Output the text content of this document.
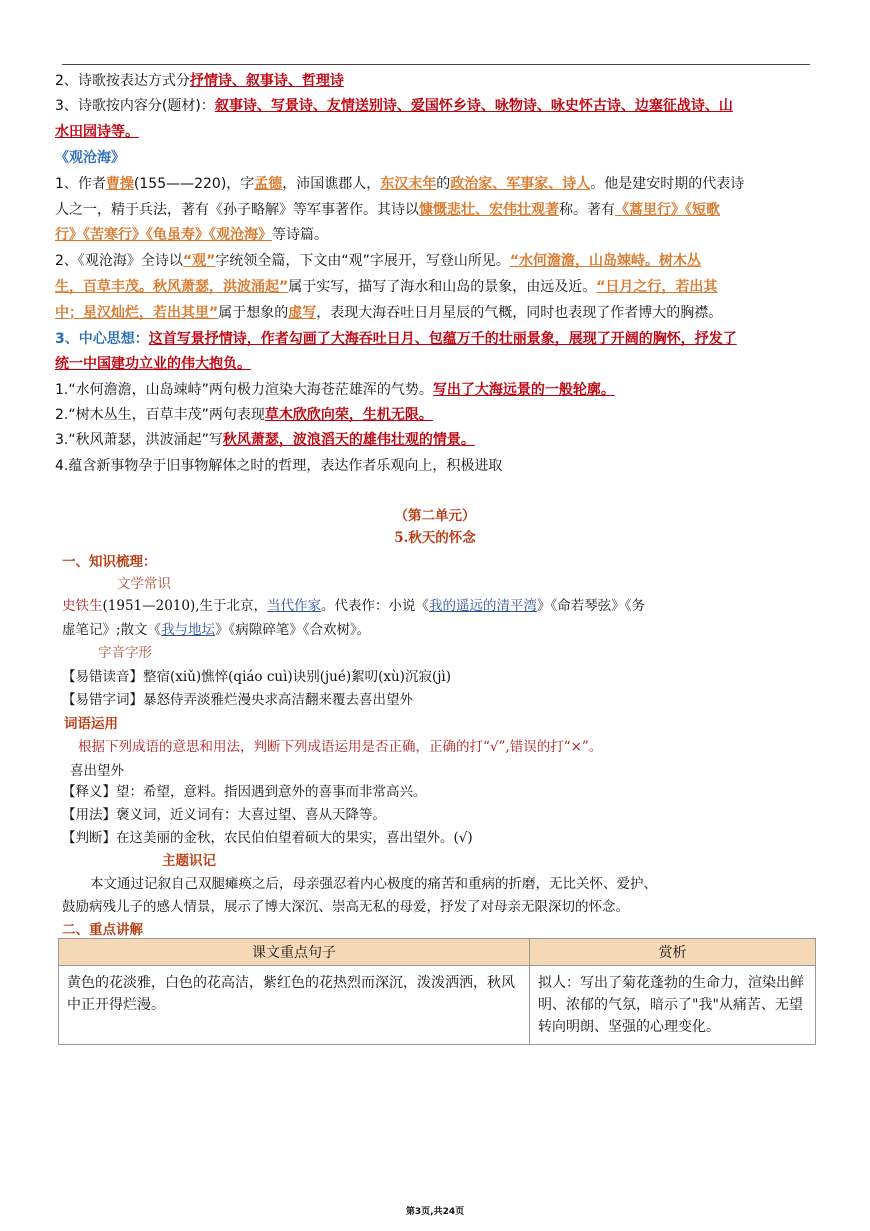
2、诗歌按表达方式分抒情诗、叙事诗、哲理诗
3、诗歌按内容分(题材)：叙事诗、写景诗、友情送别诗、爱国怀乡诗、咏物诗、咏史怀古诗、边塞征战诗、山
水田园诗等。
《观沧海》
1、作者曹操(155——220)，字孟德，沛国谯郡人，东汉末年的政治家、军事家、诗人。他是建安时期的代表诗
人之一，精于兵法，著有《孙子略解》等军事著作。其诗以慷慨悲壮、宏伟壮观著称。著有《蒿里行》《短歌
行》《苦寒行》《龟虽寿》《观沧海》等诗篇。
2、《观沧海》全诗以“观”字统领全篇，下文由“观”字展开，写登山所见。“水何澹澹，山岛竦峙。树木丛
生，百草丰茂。秋风萧瑟，洪波涌起”属于实写，描写了海水和山岛的景象，由远及近。“日月之行，若出其
中；星汉灿烂，若出其里”属于想象的虚写，表现大海吞吐日月星辰的气概，同时也表现了作者博大的胸襟。
3、中心思想：这首写景抒情诗，作者勾画了大海吞吐日月、包蕴万千的壮丽景象，展现了开阔的胸怀，抒发了
统一中国建功立业的伟大抱负。
1.“水何澹澹，山岛竦峙”两句极力渲染大海苍茫雄浑的气势。写出了大海远景的一般轮廓。
2.“树木丛生，百草丰茂”两句表现草木欣欣向荣，生机无限。
3.“秋风萧瑟，洪波涌起”写秋风萧瑟，波浪滔天的雄伟壮观的情景。
4.蕴含新事物孕于旧事物解体之时的哲理，表达作者乐观向上，积极进取
（第二单元）
5.秋天的怀念
一、知识梳理：
文学常识
史铁生(1951—2010),生于北京，当代作家。代表作：小说《我的遥远的清平湾》《命若琴弦》《务
虚笔记》;散文《我与地坛》《病隙碎笔》《合欢树》。
字音字形
【易错读音】整宿(xiǔ)憔悴(qiáo cuì)诀别(jué)絮叨(xù)沉寂(jì)
【易错字词】暴怒侍弄淡雅烂漫央求高洁翻来覆去喜出望外
词语运用
根据下列成语的意思和用法，判断下列成语运用是否正确，正确的打“√”,错误的打“×”。
喜出望外
【释义】望：希望，意料。指因遇到意外的喜事而非常高兴。
【用法】褒义词，近义词有：大喜过望、喜从天降等。
【判断】在这美丽的金秋，农民伯伯望着硕大的果实，喜出望外。(√)
主题识记
本文通过记叙自己双腿瘫痪之后，母亲强忍着内心极度的痛苦和重病的折磨，无比关怀、爱护、
鼓励病残儿子的感人情景，展示了博大深沉、崇高无私的母爱，抒发了对母亲无限深切的怀念。
二、重点讲解
课文重点句子	赏析
黄色的花淡雅，白色的花高洁，紫红色的花热烈而深沉，泼泼洒洒，秋风中正开得烂漫。	拟人：写出了菊花蓬勃的生命力，渲染出鲜明、浓郁的气氛，暗示了"我"从痛苦、无望转向明朗、坚强的心理变化。
第3页,共24页
